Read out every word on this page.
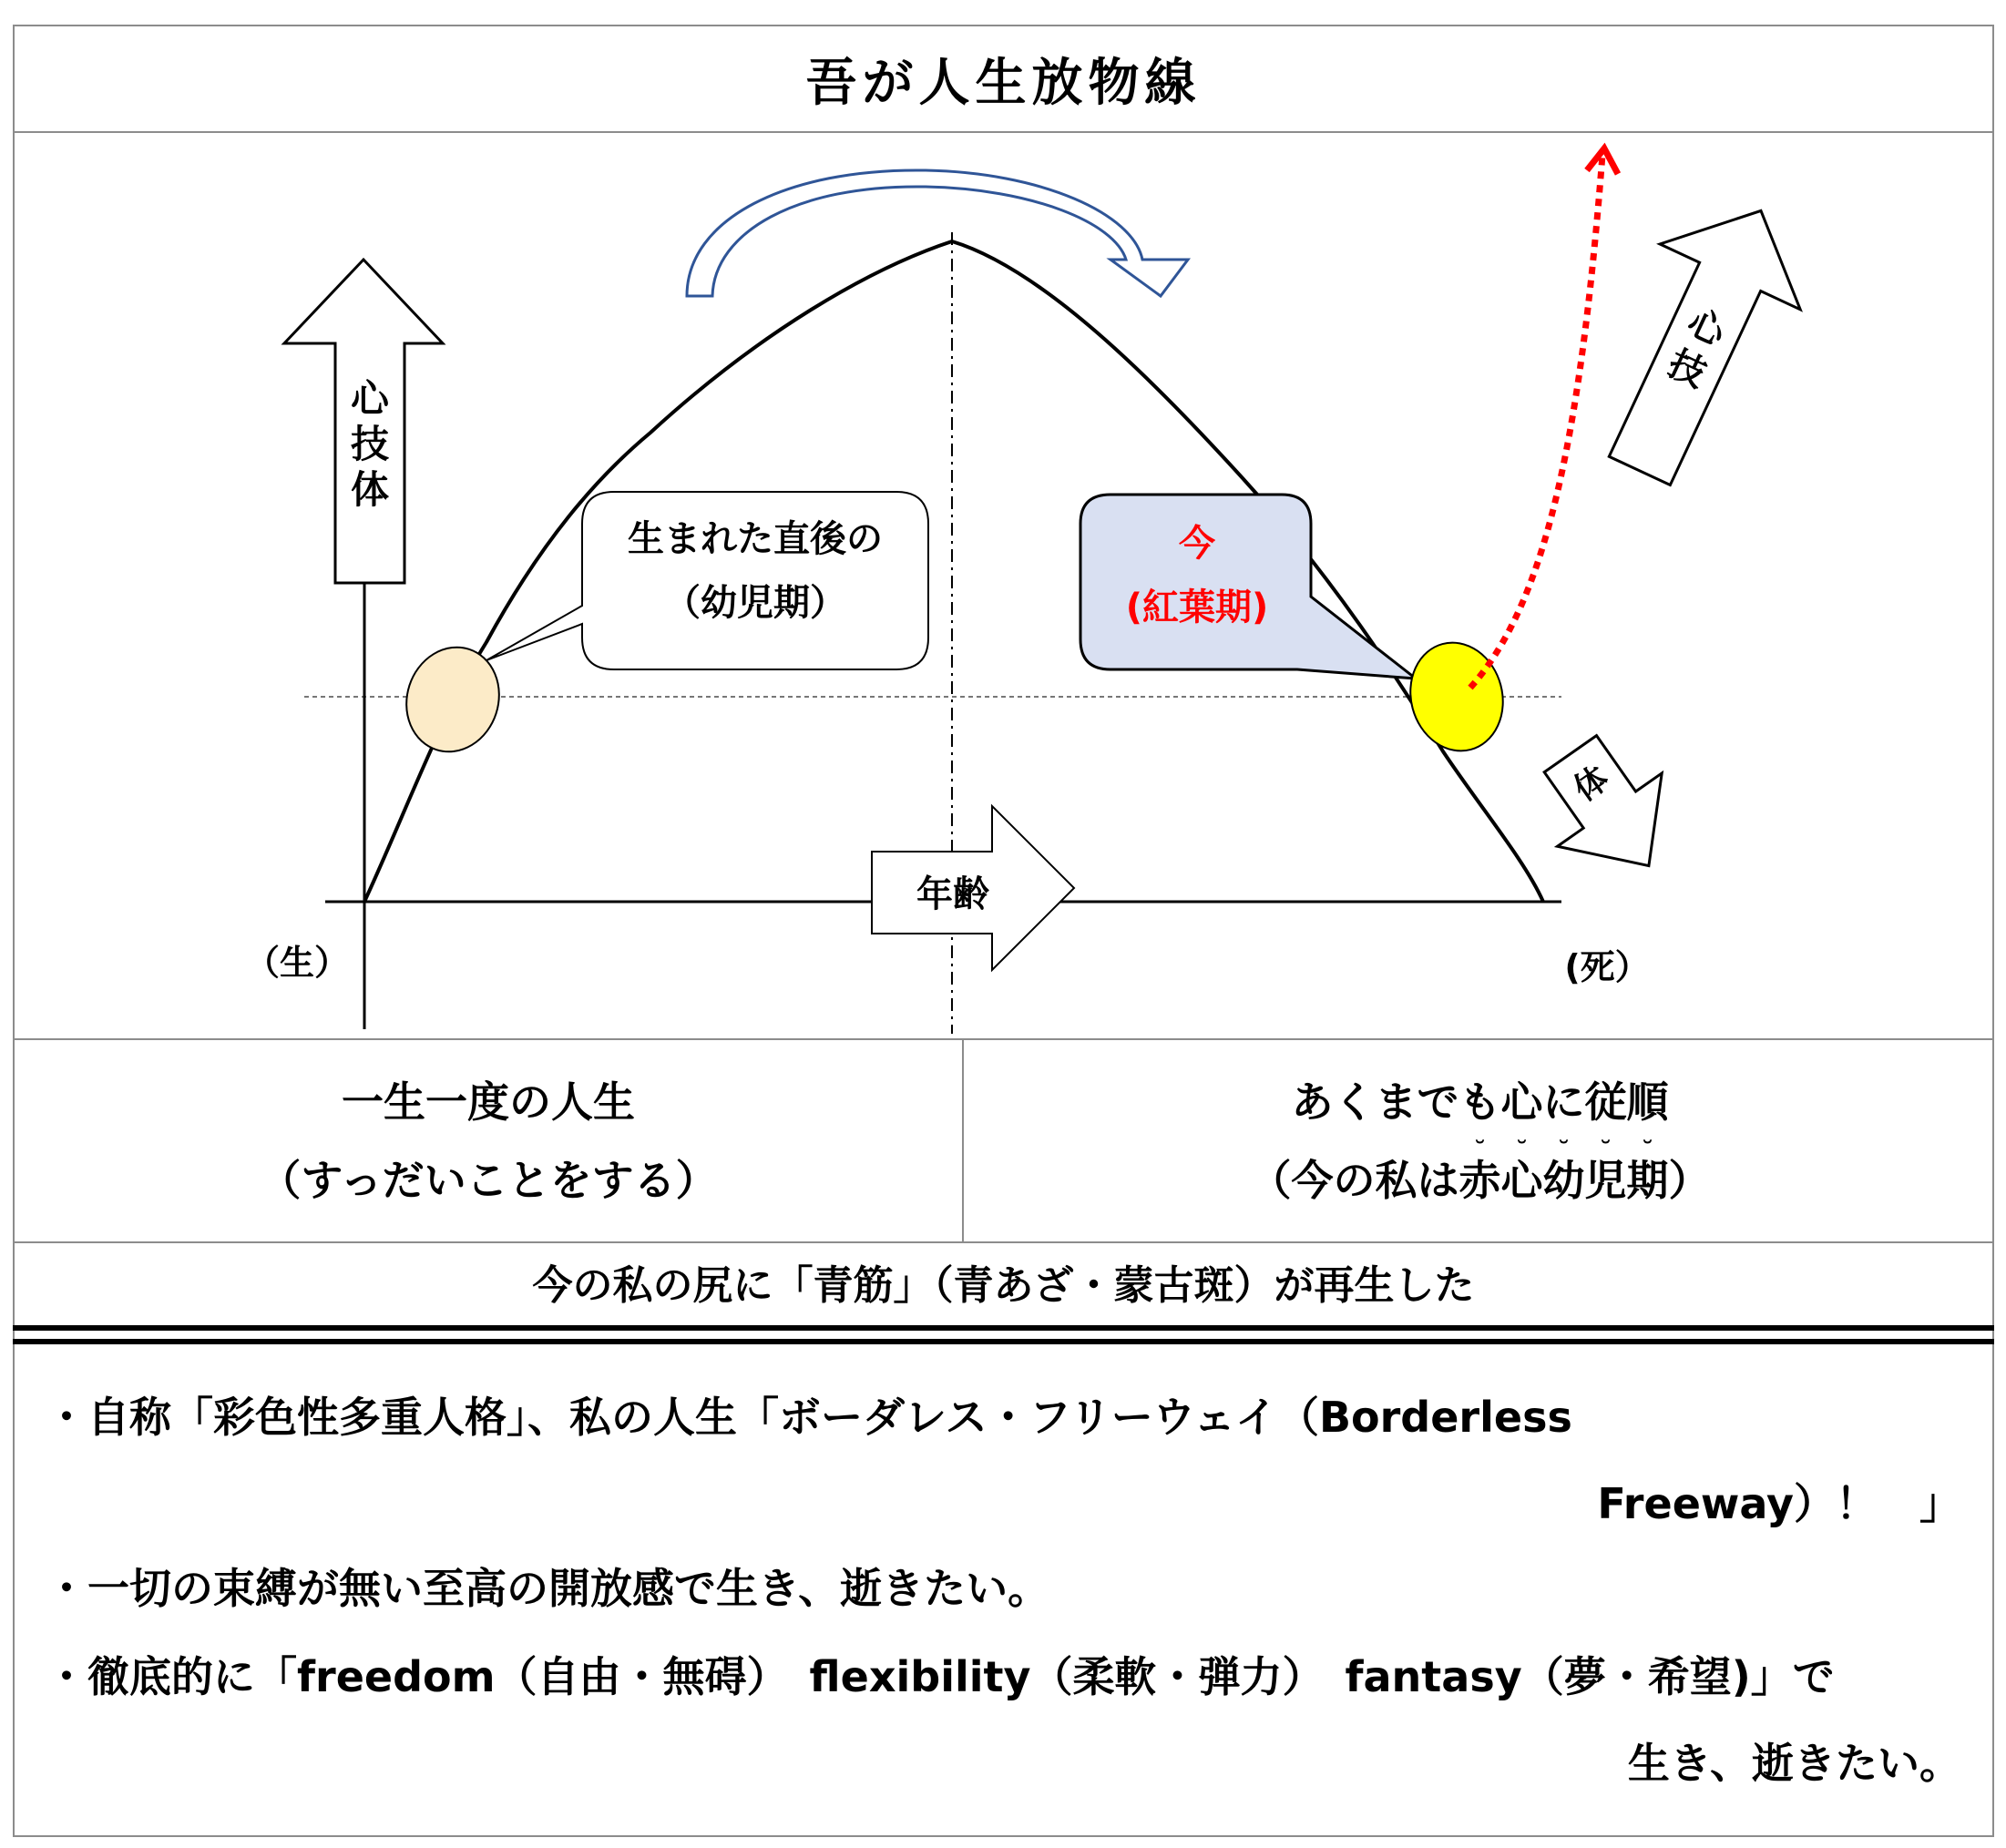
吾が人生放物線
心
技
体
生まれた直後の
（幼児期）
今
(紅葉期)
心
技
体
年齢
（生）	(死）
一生一度の人生
（すっだいことをする）
あくまでも心に従順
（今の私は˘ 赤˘ 心˘ 幼˘ 児˘ 期）
今の私の尻に「青筋」（青あざ・蒙古斑）が再生した
・自称「彩色性多重人格」、私の人生「ボーダレス・フリーウェイ（Borderless
Freeway）！　」
・一切の束縛が無い至高の開放感で生き、逝きたい。
・徹底的に「freedom（自由・無碍）　flexibility（柔軟・弾力）　fantasy（夢・希望)」で
生き、逝きたい。
